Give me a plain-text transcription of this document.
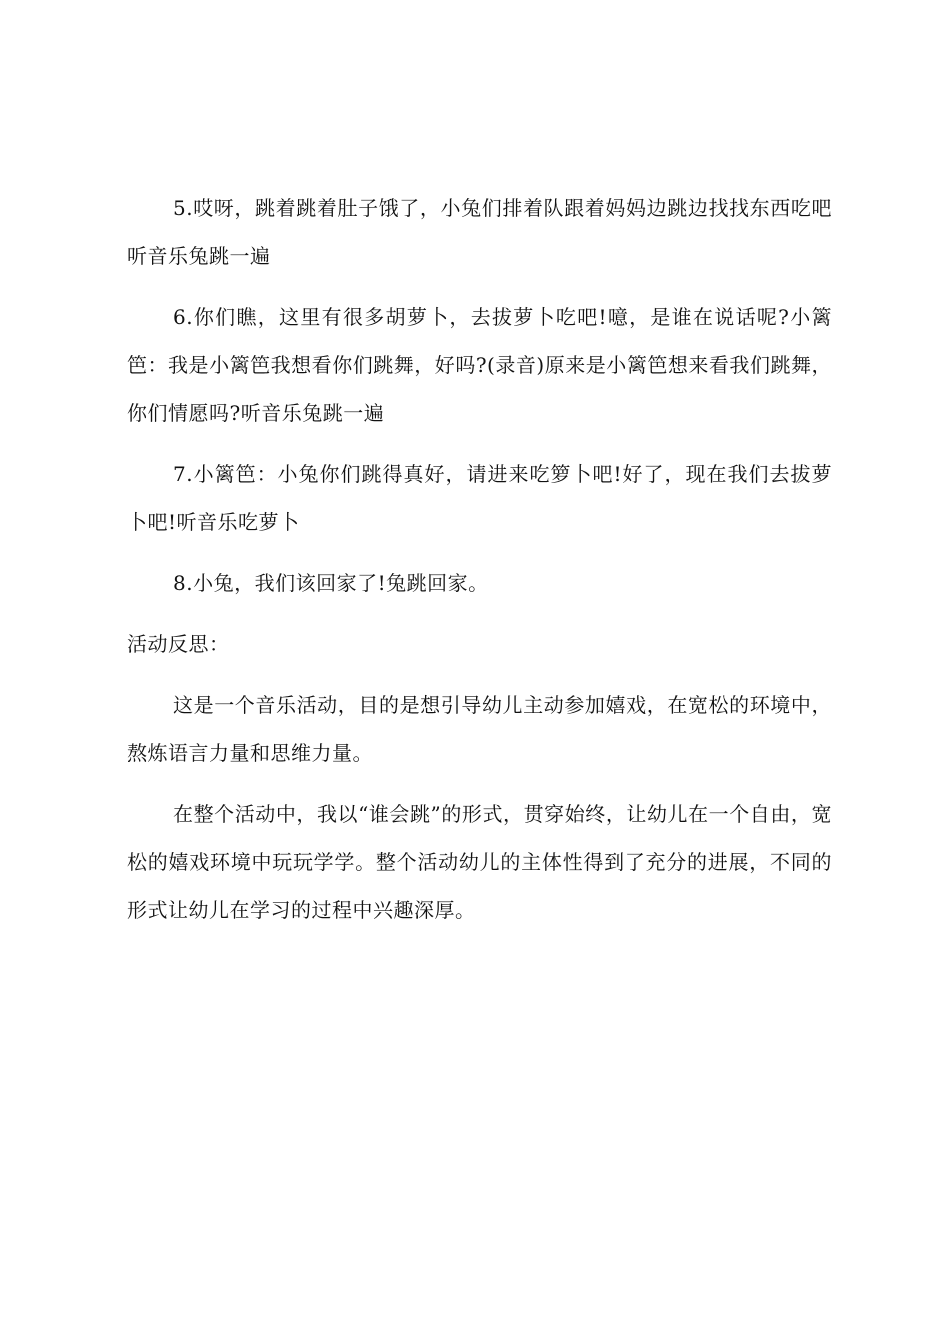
5.哎呀，跳着跳着肚子饿了，小兔们排着队跟着妈妈边跳边找找东西吃吧听音乐兔跳一遍

6.你们瞧，这里有很多胡萝卜，去拔萝卜吃吧!噫，是谁在说话呢?小篱笆：我是小篱笆我想看你们跳舞，好吗?(录音)原来是小篱笆想来看我们跳舞，你们情愿吗?听音乐兔跳一遍

7.小篱笆：小兔你们跳得真好，请进来吃箩卜吧!好了，现在我们去拔萝卜吧!听音乐吃萝卜

8.小兔，我们该回家了!兔跳回家。

活动反思：

这是一个音乐活动，目的是想引导幼儿主动参加嬉戏，在宽松的环境中，熬炼语言力量和思维力量。

在整个活动中，我以“谁会跳”的形式，贯穿始终，让幼儿在一个自由，宽松的嬉戏环境中玩玩学学。整个活动幼儿的主体性得到了充分的进展，不同的形式让幼儿在学习的过程中兴趣深厚。
